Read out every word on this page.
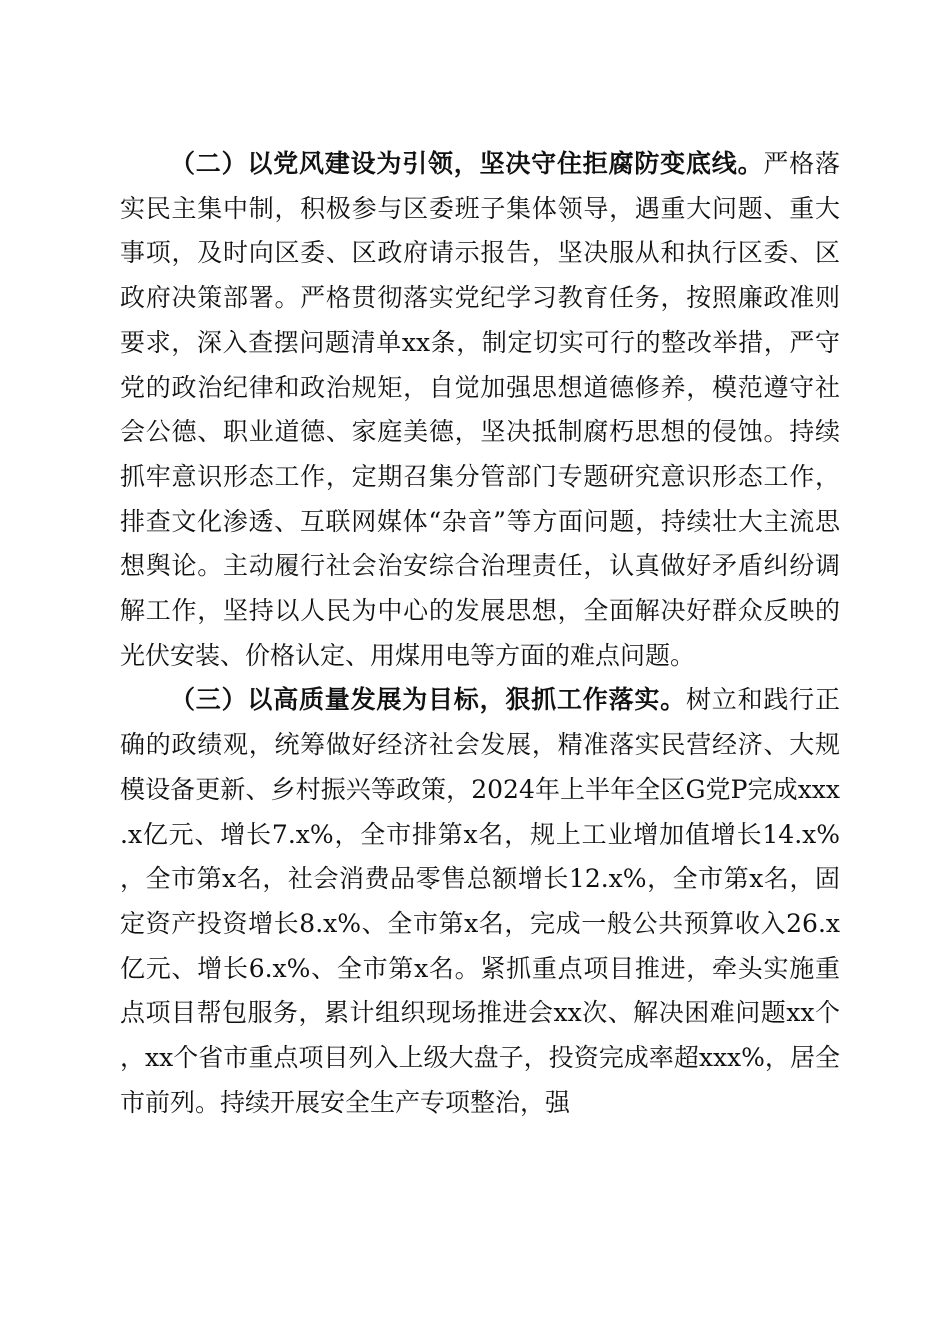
（二）以党风建设为引领，坚决守住拒腐防变底线。严格落实民主集中制，积极参与区委班子集体领导，遇重大问题、重大事项，及时向区委、区政府请示报告，坚决服从和执行区委、区政府决策部署。严格贯彻落实党纪学习教育任务，按照廉政准则要求，深入查摆问题清单xx条，制定切实可行的整改举措，严守党的政治纪律和政治规矩，自觉加强思想道德修养，模范遵守社会公德、职业道德、家庭美德，坚决抵制腐朽思想的侵蚀。持续抓牢意识形态工作，定期召集分管部门专题研究意识形态工作，排查文化渗透、互联网媒体“杂音”等方面问题，持续壮大主流思想舆论。主动履行社会治安综合治理责任，认真做好矛盾纠纷调解工作，坚持以人民为中心的发展思想，全面解决好群众反映的光伏安装、价格认定、用煤用电等方面的难点问题。

（三）以高质量发展为目标，狠抓工作落实。树立和践行正确的政绩观，统筹做好经济社会发展，精准落实民营经济、大规模设备更新、乡村振兴等政策，2024年上半年全区G党P完成xxx.x亿元、增长7.x%，全市排第x名，规上工业增加值增长14.x%，全市第x名，社会消费品零售总额增长12.x%，全市第x名，固定资产投资增长8.x%、全市第x名，完成一般公共预算收入26.x亿元、增长6.x%、全市第x名。紧抓重点项目推进，牵头实施重点项目帮包服务，累计组织现场推进会xx次、解决困难问题xx个，xx个省市重点项目列入上级大盘子，投资完成率超xxx%，居全市前列。持续开展安全生产专项整治，强
